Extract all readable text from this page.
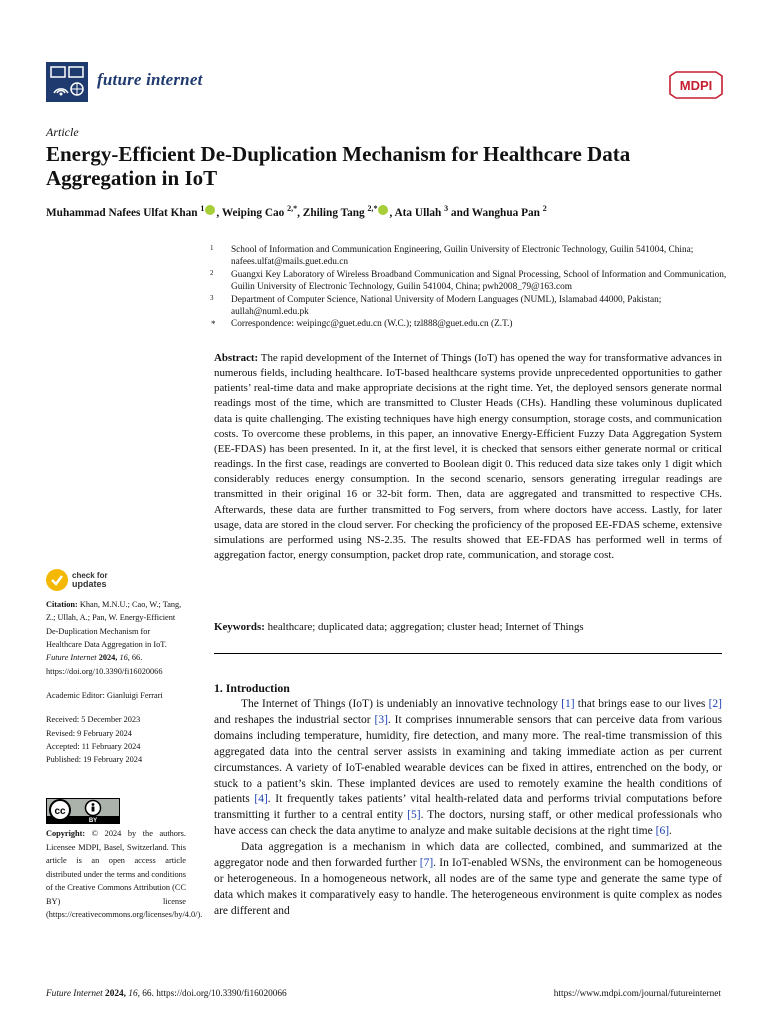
future internet	MDPI
Article
Energy-Efficient De-Duplication Mechanism for Healthcare Data Aggregation in IoT
Muhammad Nafees Ulfat Khan $^1$ , Weiping Cao $^{2,*}$, Zhiling Tang $^{2,*}$ , Ata Ullah $^3$ and Wanghua Pan $^2$
1 School of Information and Communication Engineering, Guilin University of Electronic Technology, Guilin 541004, China; nafees.ulfat@mails.guet.edu.cn
2 Guangxi Key Laboratory of Wireless Broadband Communication and Signal Processing, School of Information and Communication, Guilin University of Electronic Technology, Guilin 541004, China; pwh2008_79@163.com
3 Department of Computer Science, National University of Modern Languages (NUML), Islamabad 44000, Pakistan; aullah@numl.edu.pk
* Correspondence: weipingc@guet.edu.cn (W.C.); tzl888@guet.edu.cn (Z.T.)
Abstract: The rapid development of the Internet of Things (IoT) has opened the way for transformative advances in numerous fields, including healthcare. IoT-based healthcare systems provide unprecedented opportunities to gather patients’ real-time data and make appropriate decisions at the right time. Yet, the deployed sensors generate normal readings most of the time, which are transmitted to Cluster Heads (CHs). Handling these voluminous duplicated data is quite challenging. The existing techniques have high energy consumption, storage costs, and communication costs. To overcome these problems, in this paper, an innovative Energy-Efficient Fuzzy Data Aggregation System (EE-FDAS) has been presented. In it, at the first level, it is checked that sensors either generate normal or critical readings. In the first case, readings are converted to Boolean digit 0. This reduced data size takes only 1 digit which considerably reduces energy consumption. In the second scenario, sensors generating irregular readings are transmitted in their original 16 or 32-bit form. Then, data are aggregated and transmitted to respective CHs. Afterwards, these data are further transmitted to Fog servers, from where doctors have access. Lastly, for later usage, data are stored in the cloud server. For checking the proficiency of the proposed EE-FDAS scheme, extensive simulations are performed using NS-2.35. The results showed that EE-FDAS has performed well in terms of aggregation factor, energy consumption, packet drop rate, communication, and storage cost.
Keywords: healthcare; duplicated data; aggregation; cluster head; Internet of Things
check for
updates

Citation: Khan, M.N.U.; Cao, W.; Tang, Z.; Ullah, A.; Pan, W. Energy-Efficient De-Duplication Mechanism for Healthcare Data Aggregation in IoT. Future Internet 2024, 16, 66. https://doi.org/10.3390/fi16020066

Academic Editor: Gianluigi Ferrari

Received: 5 December 2023

Revised: 9 February 2024

Accepted: 11 February 2024

Published: 19 February 2024

cc
BY
Copyright: © 2024 by the authors. Licensee MDPI, Basel, Switzerland. This article is an open access article distributed under the terms and conditions of the Creative Commons Attribution (CC BY) license (https://creativecommons.org/licenses/by/4.0/).
1. Introduction

The Internet of Things (IoT) is undeniably an innovative technology [1] that brings ease to our lives [2] and reshapes the industrial sector [3]. It comprises innumerable sensors that can perceive data from various domains including temperature, humidity, fire detection, and many more. The real-time transmission of this aggregated data into the central server assists in examining and taking immediate action as per current circumstances. A variety of IoT-enabled wearable devices can be fixed in attires, entrenched on the body, or stuck to a patient’s skin. These implanted devices are used to remotely examine the health conditions of patients [4]. It frequently takes patients’ vital health-related data and performs trivial computations before transmitting it further to a central entity [5]. The doctors, nursing staff, or other medical professionals who have access can check the data anytime to analyze and make suitable decisions at the right time [6].

Data aggregation is a mechanism in which data are collected, combined, and summarized at the aggregator node and then forwarded further [7]. In IoT-enabled WSNs, the environment can be homogeneous or heterogeneous. In a homogeneous network, all nodes are of the same type and generate the same type of data which makes it comparatively easy to handle. The heterogeneous environment is quite complex as nodes are different and

Future Internet 2024, 16, 66. https://doi.org/10.3390/fi16020066	https://www.mdpi.com/journal/futureinternet
